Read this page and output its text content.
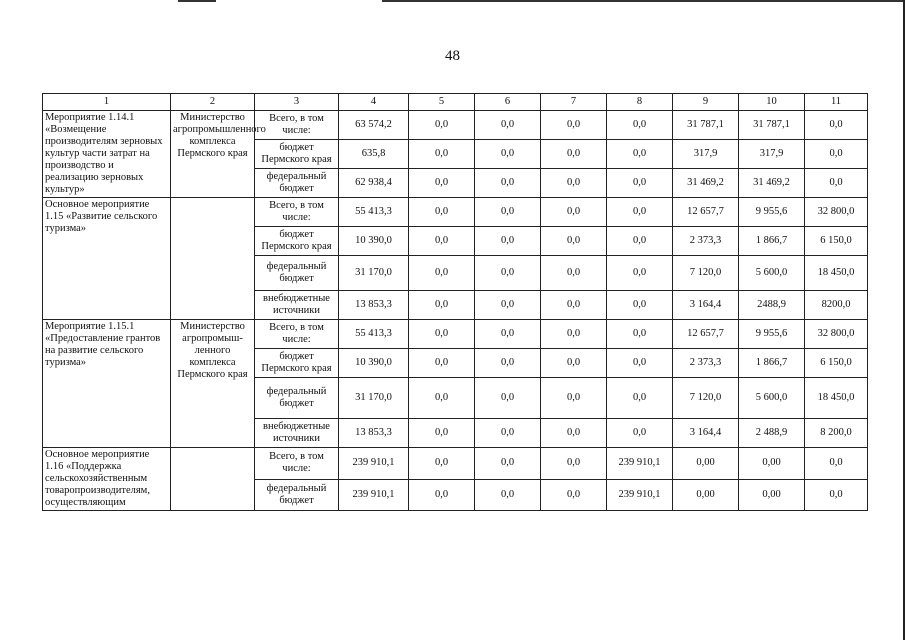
48
1	2	3	4	5	6	7	8	9	10	11
Мероприятие 1.14.1 «Возмещение производителям зерновых культур части затрат на производство и реализацию зерновых культур»	Министерство агропромышленного комплекса Пермского края	Всего, в том числе:	63 574,2	0,0	0,0	0,0	0,0	31 787,1	31 787,1	0,0
		бюджет Пермского края	635,8	0,0	0,0	0,0	0,0	317,9	317,9	0,0
		федеральный бюджет	62 938,4	0,0	0,0	0,0	0,0	31 469,2	31 469,2	0,0
Основное мероприятие 1.15 «Развитие сельского туризма»		Всего, в том числе:	55 413,3	0,0	0,0	0,0	0,0	12 657,7	9 955,6	32 800,0
		бюджет Пермского края	10 390,0	0,0	0,0	0,0	0,0	2 373,3	1 866,7	6 150,0
		федеральный бюджет	31 170,0	0,0	0,0	0,0	0,0	7 120,0	5 600,0	18 450,0
		внебюджетные источники	13 853,3	0,0	0,0	0,0	0,0	3 164,4	2488,9	8200,0
Мероприятие 1.15.1 «Предоставление грантов на развитие сельского туризма»	Министерство агропромыш-ленного комплекса Пермского края	Всего, в том числе:	55 413,3	0,0	0,0	0,0	0,0	12 657,7	9 955,6	32 800,0
		бюджет Пермского края	10 390,0	0,0	0,0	0,0	0,0	2 373,3	1 866,7	6 150,0
		федеральный бюджет	31 170,0	0,0	0,0	0,0	0,0	7 120,0	5 600,0	18 450,0
		внебюджетные источники	13 853,3	0,0	0,0	0,0	0,0	3 164,4	2 488,9	8 200,0
Основное мероприятие 1.16 «Поддержка сельскохозяйственным товаропроизводителям, осуществляющим		Всего, в том числе:	239 910,1	0,0	0,0	0,0	239 910,1	0,00	0,00	0,0
		федеральный бюджет	239 910,1	0,0	0,0	0,0	239 910,1	0,00	0,00	0,0
